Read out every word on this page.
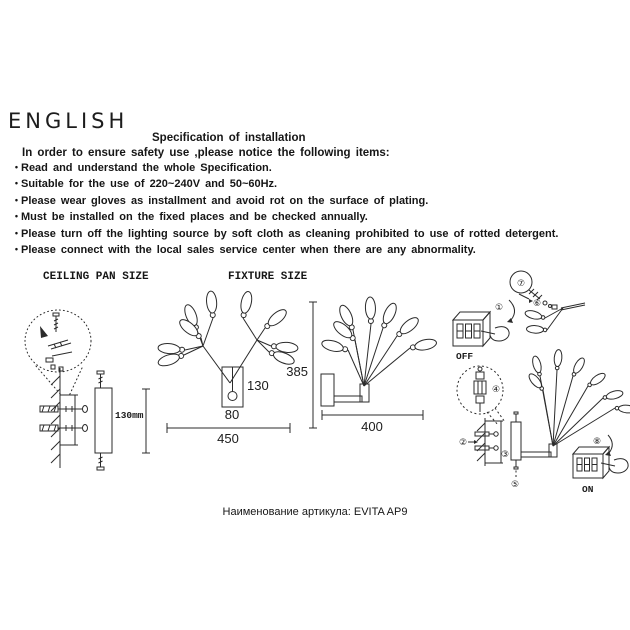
ENGLISH
Specification of installation
In order to ensure safety use ,please notice the following items:
• Read and understand the whole Specification.
• Suitable for the use of 220~240V and 50~60Hz.
• Please wear gloves as installment and avoid rot on the surface of plating.
• Must be installed on the fixed places and be checked annually.
• Please turn off the lighting source by soft cloth as cleaning prohibited to use of rotted detergent.
• Please connect with the local sales service center when there are any abnormality.
CEILING PAN SIZE	FIXTURE SIZE
130mm
130
80
450
385
400
①
OFF
⑦
⑥
④
②
③
⑤
⑧
ON
Наименование артикула: EVITA AP9
